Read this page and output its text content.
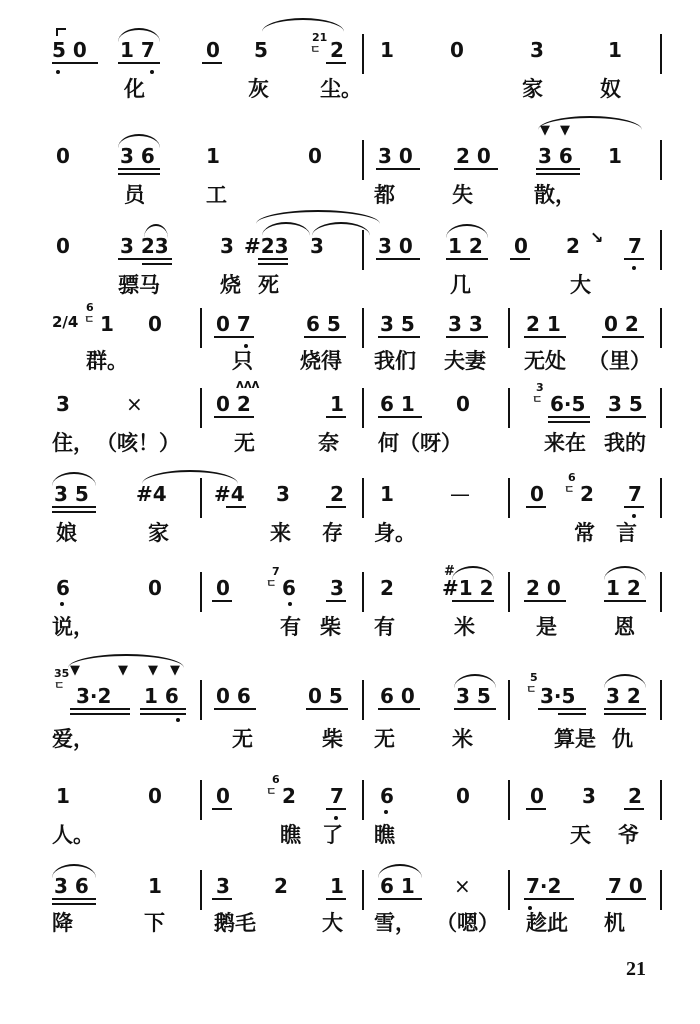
5 0 1 7	0 5
21
ㄷ 2 1	0	3	1
化	灰 尘。	家	奴
0	3 6	1	0	3 0 2 0
▼ ▼
3 6 1
员	工	都	失	散，
0	3 23	3 #23 3	3 0 1 2 0 2 ↘ 7
骠马	烧 死	几	大
2/4
6
ㄷ 1 0	0 7	6 5 3 5 3 3 2 1 0 2
群。	只 烧得 我们 夫妻 无处 （里）
3	×
ʌʌʌ
0 2	1 6 1 0
3
ㄷ 6·5 3 5
住， （咳！）	无	奈 何（呀）	来在 我的
3 5 #4 #4 3 2 1	—	0
6
ㄷ 2 7
娘	家	来 存 身。	常 言
6	0	0
7
ㄷ 6 3 2
#
#1 2 2 0 1 2
说，	有 柴 有	米	是	恩
35
ㄷ
▼	▼ ▼ ▼
3·2 1 6 0 6	0 5 6 0 3 5
5
ㄷ 3·5 3 2
爱，	无	柴 无	米	算是 仇
1	0	0
6
ㄷ 2 7 6	0	0 3 2
人。	瞧 了 瞧	天 爷
3 6	1	3 2 1 6 1 ×	7·2 7 0
降	下 鹅毛	大 雪， （嗯） 趁此 机
21
